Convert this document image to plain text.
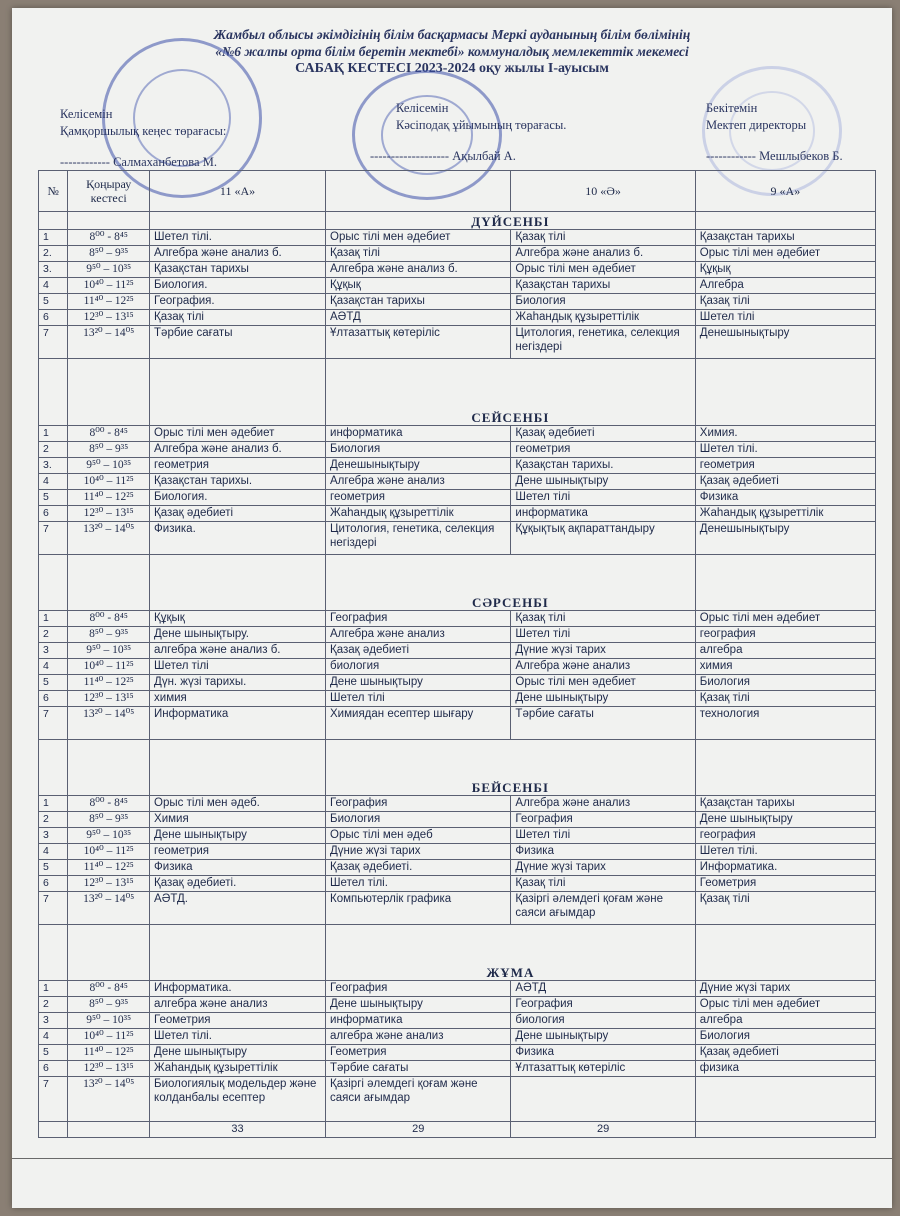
Жамбыл облысы әкімдігінің білім басқармасы Меркі ауданының білім бөлімінің
«№6 жалпы орта білім беретін мектебі» коммуналдық мемлекеттік мекемесі
САБАҚ КЕСТЕСІ 2023-2024 оқу жылы I-ауысым
Келісемін
Қамқоршылық кеңес төрағасы:
------------ Салмаханбетова М.
Келісемін
Кәсіподақ ұйымының төрағасы.
------------------- Ақылбай А.
Бекітемін
Мектеп директоры
------------ Мешлыбеков Б.
№	Қоңырау кестесі	11 «А»		10 «Ә»	9 «А»
			ДҮЙСЕНБІ		
1	8⁰⁰ - 8⁴⁵	Шетел тілі.	Орыс тілі мен әдебиет	Қазақ тілі	Қазақстан тарихы
2.	8⁵⁰ – 9³⁵	Алгебра және анализ б.	Қазақ тілі	Алгебра және анализ б.	Орыс тілі мен әдебиет
3.	9⁵⁰ – 10³⁵	Қазақстан тарихы	Алгебра және анализ б.	Орыс тілі мен әдебиет	Құқық
4	10⁴⁰ – 11²⁵	Биология.	Құқық	Қазақстан тарихы	Алгебра
5	11⁴⁰ – 12²⁵	География.	Қазақстан тарихы	Биология	Қазақ тілі
6	12³⁰ – 13¹⁵	Қазақ тілі	АӘТД	Жаһандық құзыреттілік	Шетел тілі
7	13²⁰ – 14⁰⁵	Тәрбие сағаты	Ұлтазаттық көтеріліс	Цитология, генетика, селекция негіздері	Денешынықтыру
			СЕЙСЕНБІ		
1	8⁰⁰ - 8⁴⁵	Орыс тілі мен әдебиет	информатика	Қазақ әдебиеті	Химия.
2	8⁵⁰ – 9³⁵	Алгебра және анализ б.	Биология	геометрия	Шетел тілі.
3.	9⁵⁰ – 10³⁵	геометрия	Денешынықтыру	Қазақстан тарихы.	геометрия
4	10⁴⁰ – 11²⁵	Қазақстан тарихы.	Алгебра және анализ	Дене шынықтыру	Қазақ әдебиеті
5	11⁴⁰ – 12²⁵	Биология.	геометрия	Шетел тілі	Физика
6	12³⁰ – 13¹⁵	Қазақ әдебиеті	Жаһандық құзыреттілік	информатика	Жаһандық құзыреттілік
7	13²⁰ – 14⁰⁵	Физика.	Цитология, генетика, селекция негіздері	Құқықтық ақпараттандыру	Денешынықтыру
			СӘРСЕНБІ		
1	8⁰⁰ - 8⁴⁵	Құқық	География	Қазақ тілі	Орыс тілі мен әдебиет
2	8⁵⁰ – 9³⁵	Дене шынықтыру.	Алгебра және анализ	Шетел тілі	география
3	9⁵⁰ – 10³⁵	алгебра және анализ б.	Қазақ әдебиеті	Дүние жүзі тарих	алгебра
4	10⁴⁰ – 11²⁵	Шетел тілі	биология	Алгебра және анализ	химия
5	11⁴⁰ – 12²⁵	Дүн. жүзі тарихы.	Дене шынықтыру	Орыс тілі мен әдебиет	Биология
6	12³⁰ – 13¹⁵	химия	Шетел тілі	Дене шынықтыру	Қазақ тілі
7	13²⁰ – 14⁰⁵	Информатика	Химиядан есептер шығару	Тәрбие сағаты	технология
			БЕЙСЕНБІ		
1	8⁰⁰ - 8⁴⁵	Орыс тілі мен әдеб.	География	Алгебра және анализ	Қазақстан тарихы
2	8⁵⁰ – 9³⁵	Химия	Биология	География	Дене шынықтыру
3	9⁵⁰ – 10³⁵	Дене шынықтыру	Орыс тілі мен әдеб	Шетел тілі	география
4	10⁴⁰ – 11²⁵	геометрия	Дүние жүзі тарих	Физика	Шетел тілі.
5	11⁴⁰ – 12²⁵	Физика	Қазақ әдебиеті.	Дүние жүзі тарих	Информатика.
6	12³⁰ – 13¹⁵	Қазақ әдебиеті.	Шетел тілі.	Қазақ тілі	Геометрия
7	13²⁰ – 14⁰⁵	АӘТД.	Компьютерлік графика	Қазіргі әлемдегі қоғам және саяси ағымдар	Қазақ тілі
			ЖҰМА		
1	8⁰⁰ - 8⁴⁵	Информатика.	География	АӘТД	Дүние жүзі тарих
2	8⁵⁰ – 9³⁵	алгебра және анализ	Дене шынықтыру	География	Орыс тілі мен әдебиет
3	9⁵⁰ – 10³⁵	Геометрия	информатика	биология	алгебра
4	10⁴⁰ – 11²⁵	Шетел тілі.	алгебра және анализ	Дене шынықтыру	Биология
5	11⁴⁰ – 12²⁵	Дене шынықтыру	Геометрия	Физика	Қазақ әдебиеті
6	12³⁰ – 13¹⁵	Жаһандық құзыреттілік	Тәрбие сағаты	Ұлтазаттық көтеріліс	физика
7	13²⁰ – 14⁰⁵	Биологиялық модельдер және колданбалы есептер	Қазіргі әлемдегі қоғам және саяси ағымдар		
		33	29	29	
